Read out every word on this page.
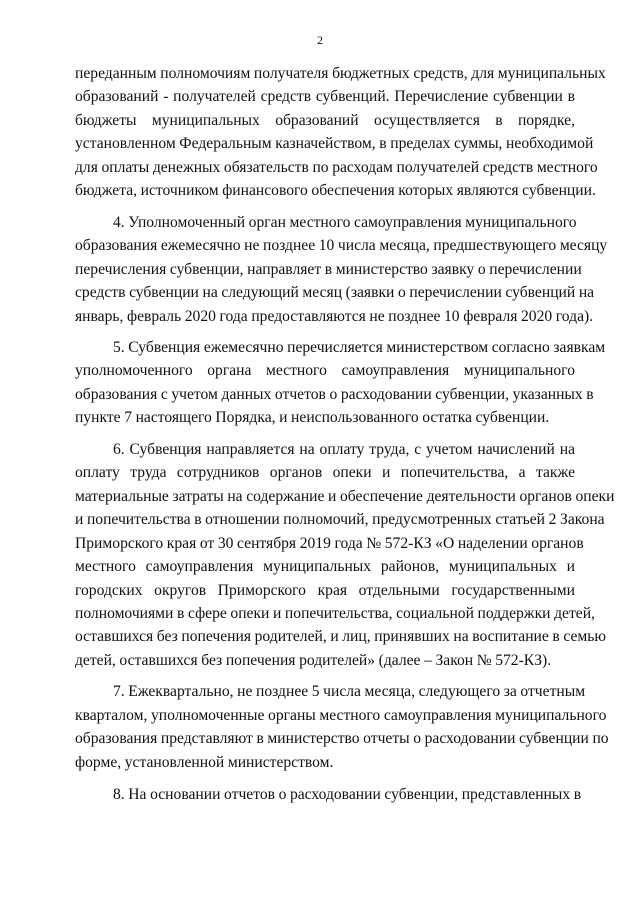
2
переданным полномочиям получателя бюджетных средств, для муниципальных
образований - получателей средств субвенций. Перечисление субвенции в
бюджеты муниципальных образований осуществляется в порядке,
установленном Федеральным казначейством, в пределах суммы, необходимой
для оплаты денежных обязательств по расходам получателей средств местного
бюджета, источником финансового обеспечения которых являются субвенции.
4. Уполномоченный орган местного самоуправления муниципального
образования ежемесячно не позднее 10 числа месяца, предшествующего месяцу
перечисления субвенции, направляет в министерство заявку о перечислении
средств субвенции на следующий месяц (заявки о перечислении субвенций на
январь, февраль 2020 года предоставляются не позднее 10 февраля 2020 года).
5. Субвенция ежемесячно перечисляется министерством согласно заявкам
уполномоченного органа местного самоуправления муниципального
образования с учетом данных отчетов о расходовании субвенции, указанных в
пункте 7 настоящего Порядка, и неиспользованного остатка субвенции.
6. Субвенция направляется на оплату труда, с учетом начислений на
оплату труда сотрудников органов опеки и попечительства, а также
материальные затраты на содержание и обеспечение деятельности органов опеки
и попечительства в отношении полномочий, предусмотренных статьей 2 Закона
Приморского края от 30 сентября 2019 года № 572-КЗ «О наделении органов
местного самоуправления муниципальных районов, муниципальных и
городских округов Приморского края отдельными государственными
полномочиями в сфере опеки и попечительства, социальной поддержки детей,
оставшихся без попечения родителей, и лиц, принявших на воспитание в семью
детей, оставшихся без попечения родителей» (далее – Закон № 572-КЗ).
7. Ежеквартально, не позднее 5 числа месяца, следующего за отчетным
кварталом, уполномоченные органы местного самоуправления муниципального
образования представляют в министерство отчеты о расходовании субвенции по
форме, установленной министерством.
8. На основании отчетов о расходовании субвенции, представленных в
